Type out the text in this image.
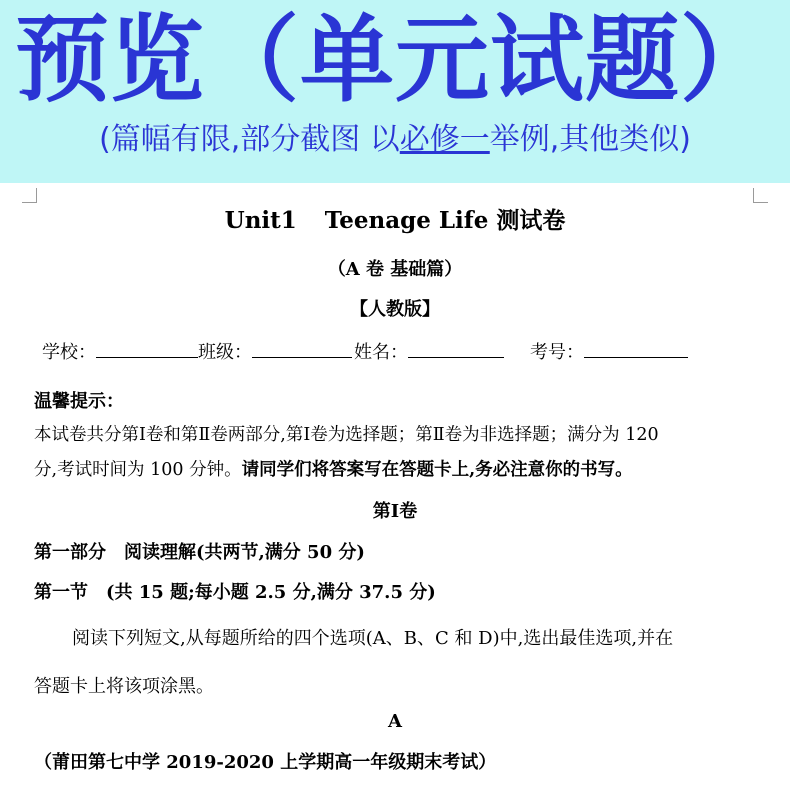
预览（单元试题）
(篇幅有限,部分截图 以必修一举例,其他类似)
Unit1 Teenage Life 测试卷
（A 卷 基础篇）
【人教版】
学校：	班级：	姓名：	考号：
温馨提示：
本试卷共分第Ⅰ卷和第Ⅱ卷两部分,第Ⅰ卷为选择题；第Ⅱ卷为非选择题；满分为 120
分,考试时间为 100 分钟。请同学们将答案写在答题卡上,务必注意你的书写。
第Ⅰ卷
第一部分　阅读理解(共两节,满分 50 分)
第一节　(共 15 题;每小题 2.5 分,满分 37.5 分)
阅读下列短文,从每题所给的四个选项(A、B、C 和 D)中,选出最佳选项,并在
答题卡上将该项涂黑。
A
（莆田第七中学 2019-2020 上学期高一年级期末考试）
